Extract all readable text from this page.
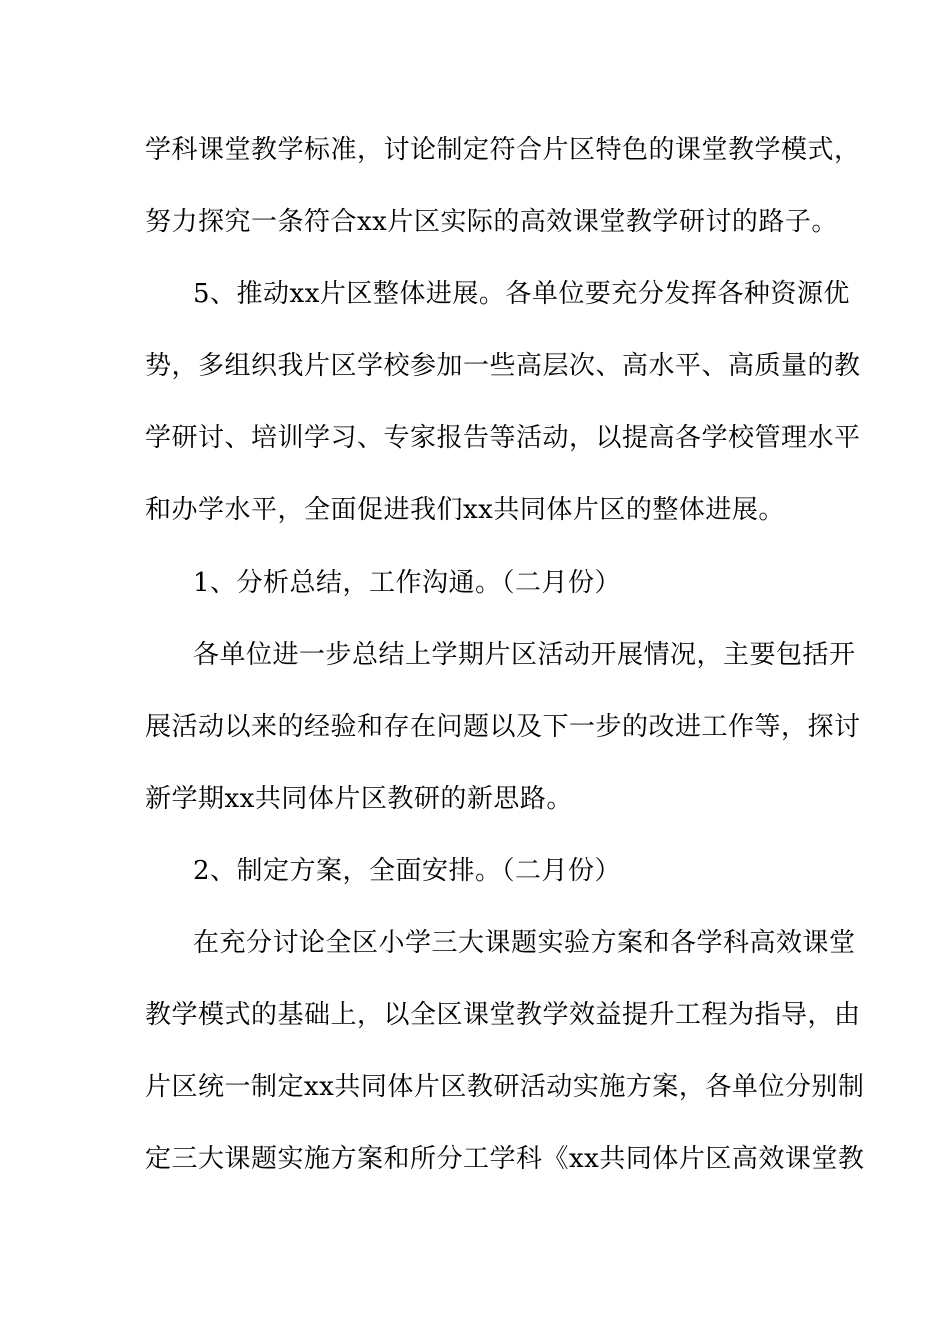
学科课堂教学标准，讨论制定符合片区特色的课堂教学模式，
努力探究一条符合xx片区实际的高效课堂教学研讨的路子。
5、推动xx片区整体进展。各单位要充分发挥各种资源优
势，多组织我片区学校参加一些高层次、高水平、高质量的教
学研讨、培训学习、专家报告等活动，以提高各学校管理水平
和办学水平，全面促进我们xx共同体片区的整体进展。
1、分析总结，工作沟通。（二月份）
各单位进一步总结上学期片区活动开展情况，主要包括开
展活动以来的经验和存在问题以及下一步的改进工作等，探讨
新学期xx共同体片区教研的新思路。
2、制定方案，全面安排。（二月份）
在充分讨论全区小学三大课题实验方案和各学科高效课堂
教学模式的基础上，以全区课堂教学效益提升工程为指导，由
片区统一制定xx共同体片区教研活动实施方案，各单位分别制
定三大课题实施方案和所分工学科《xx共同体片区高效课堂教
